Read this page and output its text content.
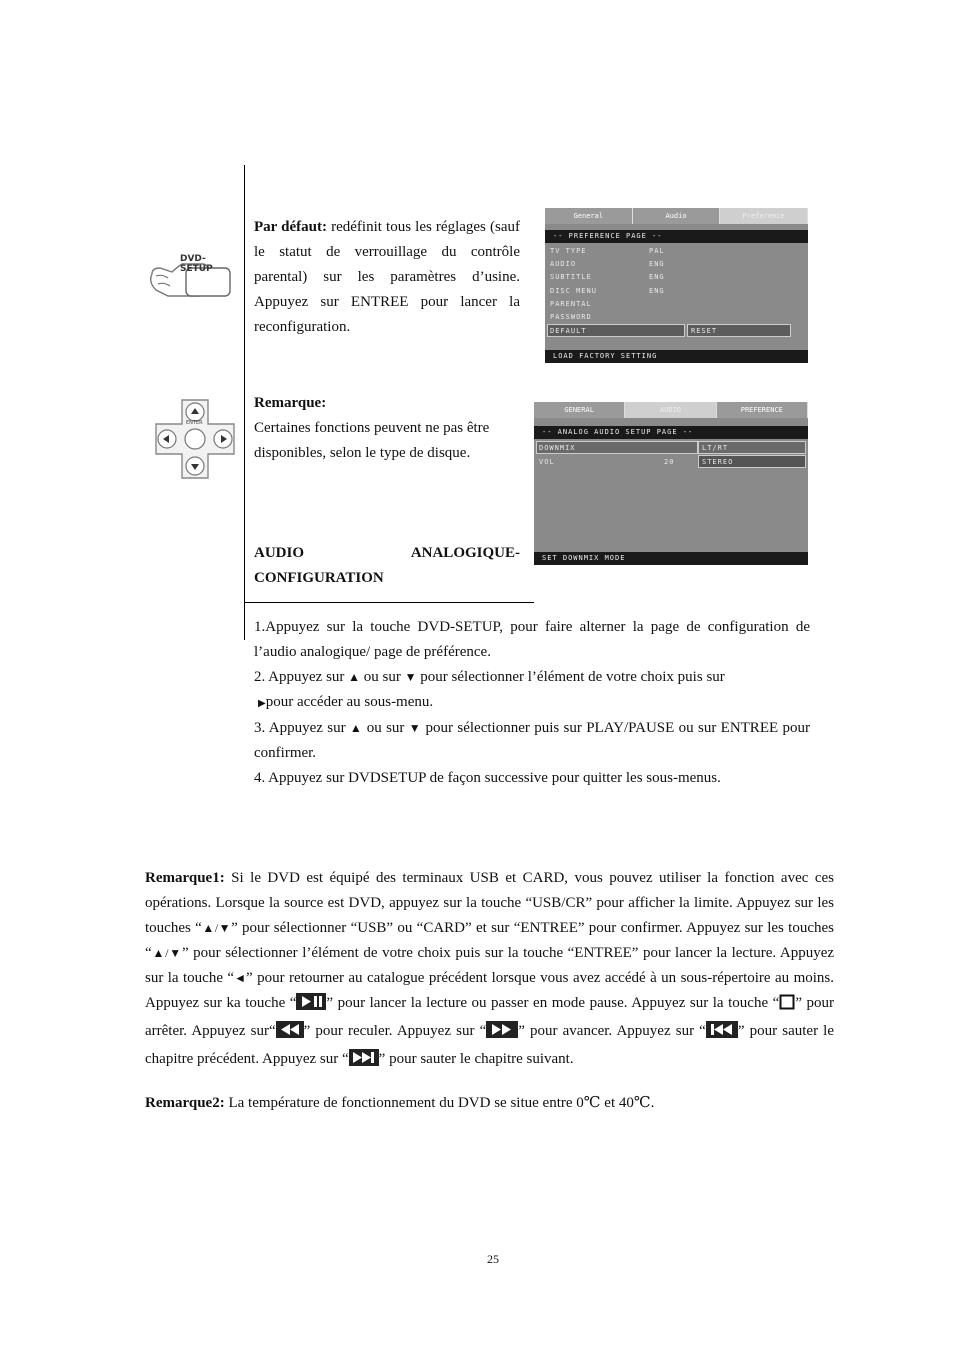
DVD-SETUP
ENTER
Par défaut: redéfinit tous les réglages (sauf le statut de verrouillage du contrôle parental) sur les paramètres d’usine. Appuyez sur ENTREE pour lancer la reconfiguration.
General	Audio	Preference
-- PREFERENCE PAGE --
TV TYPE	PAL
AUDIO	ENG
SUBTITLE	ENG
DISC MENU	ENG
PARENTAL
PASSWORD
DEFAULT	RESET
LOAD FACTORY SETTING
Remarque:
Certaines fonctions peuvent ne pas être disponibles, selon le type de disque.
GENERAL	AUDIO	PREFERENCE
-- ANALOG AUDIO SETUP PAGE --
DOWNMIX	LT/RT
VOL	20	STEREO
SET DOWNMIX MODE
AUDIO	ANALOGIQUE-
CONFIGURATION
1.Appuyez sur la touche DVD-SETUP, pour faire alterner la page de configuration de l’audio analogique/ page de préférence.
2. Appuyez sur ▲ ou sur ▼ pour sélectionner l’élément de votre choix puis sur
▶pour accéder au sous-menu.
3. Appuyez sur ▲ ou sur ▼ pour sélectionner puis sur PLAY/PAUSE ou sur ENTREE pour confirmer.
4. Appuyez sur DVDSETUP de façon successive pour quitter les sous-menus.
Remarque1: Si le DVD est équipé des terminaux USB et CARD, vous pouvez utiliser la fonction avec ces opérations. Lorsque la source est DVD, appuyez sur la touche “USB/CR” pour afficher la limite. Appuyez sur les touches “▲/▼” pour sélectionner “USB” ou “CARD” et sur “ENTREE” pour confirmer. Appuyez sur les touches “▲/▼” pour sélectionner l’élément de votre choix puis sur la touche “ENTREE” pour lancer la lecture. Appuyez sur la touche “◄” pour retourner au catalogue précédent lorsque vous avez accédé à un sous-répertoire au moins. Appuyez sur ka touche “ ” pour lancer la lecture ou passer en mode pause. Appuyez sur la touche “ ” pour arrêter. Appuyez sur“ ” pour reculer. Appuyez sur “ ” pour avancer. Appuyez sur “ ” pour sauter le chapitre précédent. Appuyez sur “ ” pour sauter le chapitre suivant.
Remarque2: La température de fonctionnement du DVD se situe entre 0℃ et 40℃.
25
